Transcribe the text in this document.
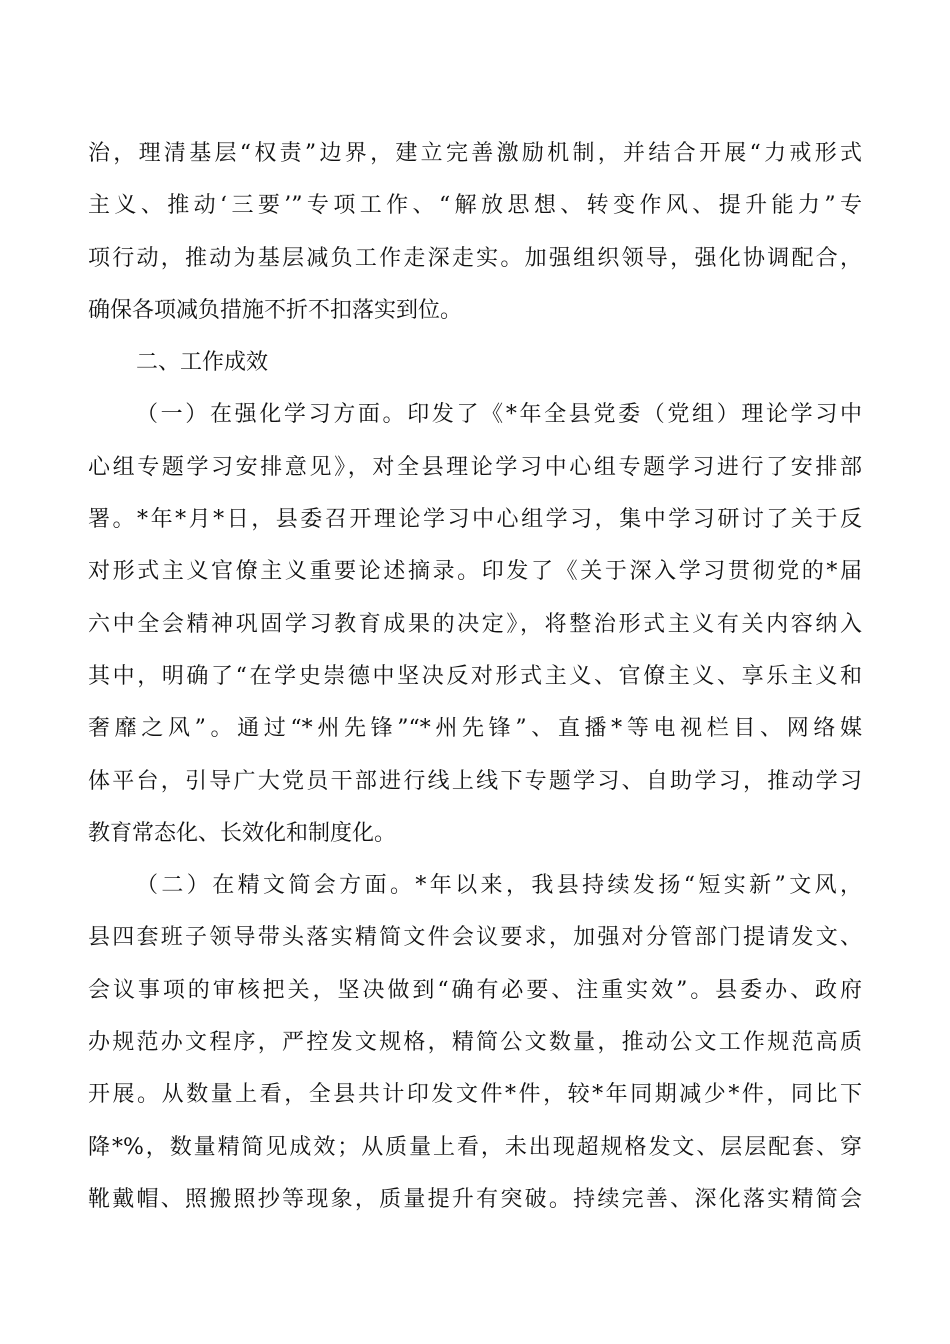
治，理清基层“权责”边界，建立完善激励机制，并结合开展“力戒形式
主义、推动‘三要’”专项工作、“解放思想、转变作风、提升能力”专
项行动，推动为基层减负工作走深走实。加强组织领导，强化协调配合，
确保各项减负措施不折不扣落实到位。
二、工作成效
（一）在强化学习方面。印发了《*年全县党委（党组）理论学习中
心组专题学习安排意见》，对全县理论学习中心组专题学习进行了安排部
署。*年*月*日，县委召开理论学习中心组学习，集中学习研讨了关于反
对形式主义官僚主义重要论述摘录。印发了《关于深入学习贯彻党的*届
六中全会精神巩固学习教育成果的决定》，将整治形式主义有关内容纳入
其中，明确了“在学史崇德中坚决反对形式主义、官僚主义、享乐主义和
奢靡之风”。通过“*州先锋”“*州先锋”、直播*等电视栏目、网络媒
体平台，引导广大党员干部进行线上线下专题学习、自助学习，推动学习
教育常态化、长效化和制度化。
（二）在精文简会方面。*年以来，我县持续发扬“短实新”文风，
县四套班子领导带头落实精简文件会议要求，加强对分管部门提请发文、
会议事项的审核把关，坚决做到“确有必要、注重实效”。县委办、政府
办规范办文程序，严控发文规格，精简公文数量，推动公文工作规范高质
开展。从数量上看，全县共计印发文件*件，较*年同期减少*件，同比下
降*%，数量精简见成效；从质量上看，未出现超规格发文、层层配套、穿
靴戴帽、照搬照抄等现象，质量提升有突破。持续完善、深化落实精简会
